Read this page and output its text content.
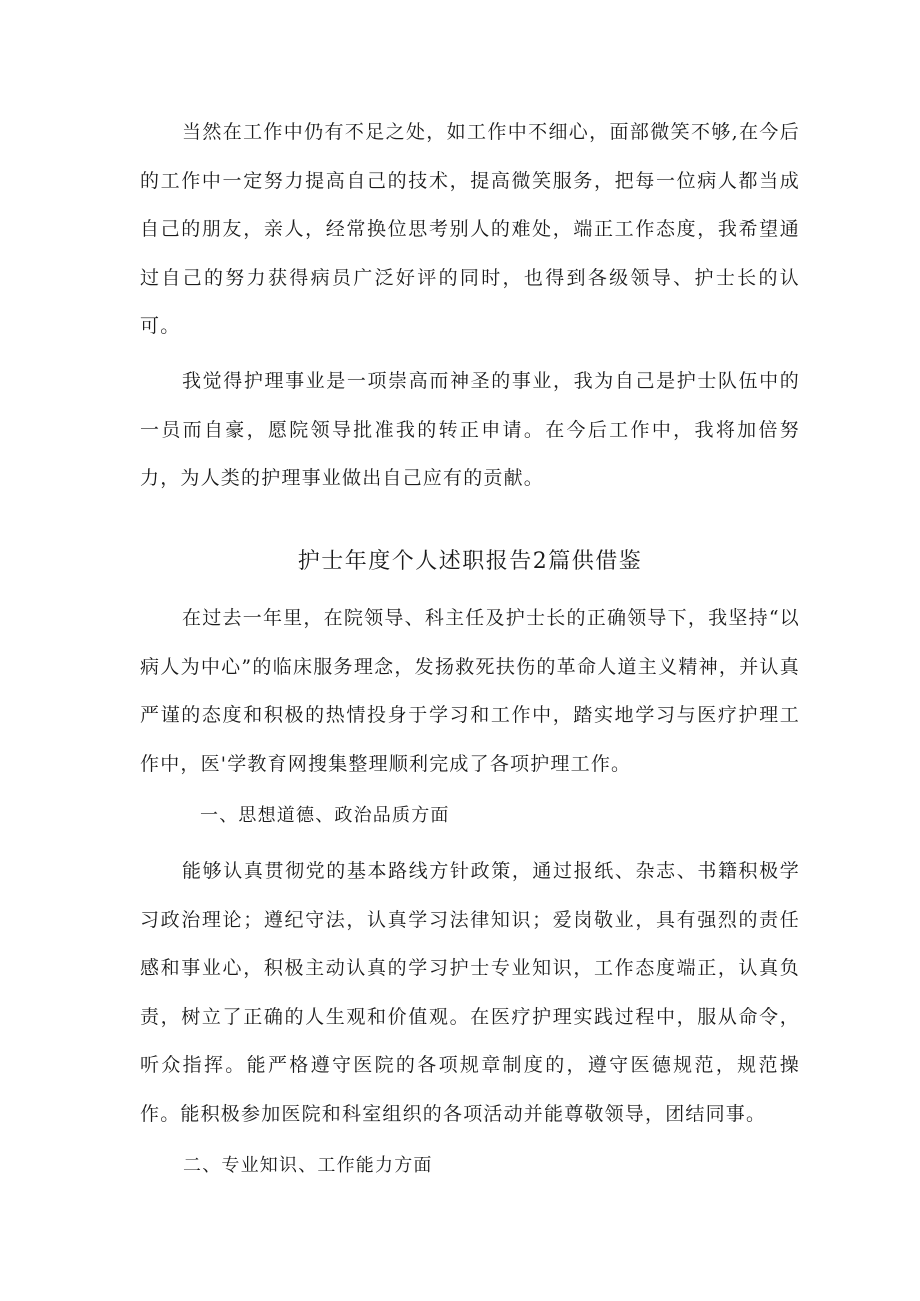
当然在工作中仍有不足之处，如工作中不细心，面部微笑不够,在今后的工作中一定努力提高自己的技术，提高微笑服务，把每一位病人都当成自己的朋友，亲人，经常换位思考别人的难处，端正工作态度，我希望通过自己的努力获得病员广泛好评的同时，也得到各级领导、护士长的认可。

我觉得护理事业是一项崇高而神圣的事业，我为自己是护士队伍中的一员而自豪，愿院领导批准我的转正申请。在今后工作中，我将加倍努力，为人类的护理事业做出自己应有的贡献。

护士年度个人述职报告2篇供借鉴

在过去一年里，在院领导、科主任及护士长的正确领导下，我坚持“以病人为中心”的临床服务理念，发扬救死扶伤的革命人道主义精神，并认真严谨的态度和积极的热情投身于学习和工作中，踏实地学习与医疗护理工作中，医'学教育网搜集整理顺利完成了各项护理工作。

一、思想道德、政治品质方面

能够认真贯彻党的基本路线方针政策，通过报纸、杂志、书籍积极学习政治理论；遵纪守法，认真学习法律知识；爱岗敬业，具有强烈的责任感和事业心，积极主动认真的学习护士专业知识，工作态度端正，认真负责，树立了正确的人生观和价值观。在医疗护理实践过程中，服从命令，听众指挥。能严格遵守医院的各项规章制度的，遵守医德规范，规范操作。能积极参加医院和科室组织的各项活动并能尊敬领导，团结同事。

二、专业知识、工作能力方面
